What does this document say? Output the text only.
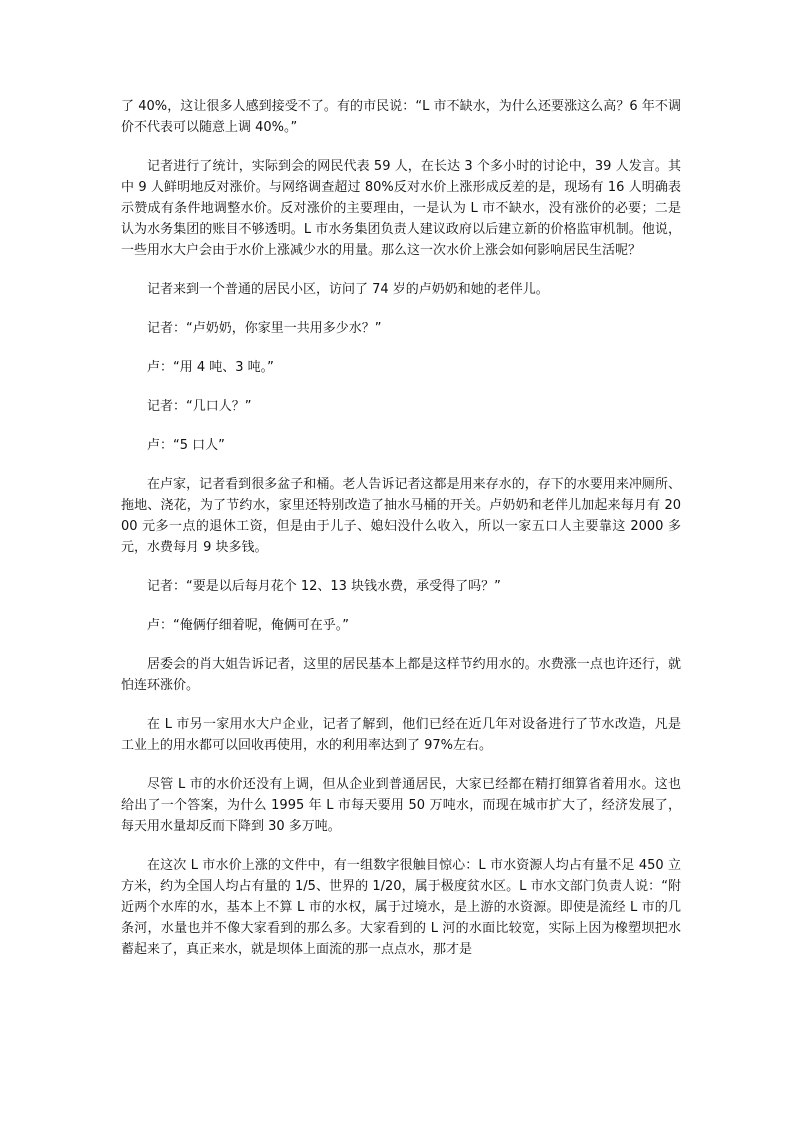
了 40%，这让很多人感到接受不了。有的市民说：“L 市不缺水，为什么还要涨这么高？6 年不调价不代表可以随意上调 40%。”

记者进行了统计，实际到会的网民代表 59 人，在长达 3 个多小时的讨论中，39 人发言。其中 9 人鲜明地反对涨价。与网络调查超过 80%反对水价上涨形成反差的是，现场有 16 人明确表示赞成有条件地调整水价。反对涨价的主要理由，一是认为 L 市不缺水，没有涨价的必要；二是认为水务集团的账目不够透明。L 市水务集团负责人建议政府以后建立新的价格监审机制。他说，一些用水大户会由于水价上涨减少水的用量。那么这一次水价上涨会如何影响居民生活呢？

记者来到一个普通的居民小区，访问了 74 岁的卢奶奶和她的老伴儿。

记者：“卢奶奶，你家里一共用多少水？”

卢：“用 4 吨、3 吨。”

记者：“几口人？”

卢：“5 口人”

在卢家，记者看到很多盆子和桶。老人告诉记者这都是用来存水的，存下的水要用来冲厕所、拖地、浇花，为了节约水，家里还特别改造了抽水马桶的开关。卢奶奶和老伴儿加起来每月有 2000 元多一点的退休工资，但是由于儿子、媳妇没什么收入，所以一家五口人主要靠这 2000 多元，水费每月 9 块多钱。

记者：“要是以后每月花个 12、13 块钱水费，承受得了吗？”

卢：“俺俩仔细着呢，俺俩可在乎。”

居委会的肖大姐告诉记者，这里的居民基本上都是这样节约用水的。水费涨一点也许还行，就怕连环涨价。

在 L 市另一家用水大户企业，记者了解到，他们已经在近几年对设备进行了节水改造，凡是工业上的用水都可以回收再使用，水的利用率达到了 97%左右。

尽管 L 市的水价还没有上调，但从企业到普通居民，大家已经都在精打细算省着用水。这也给出了一个答案，为什么 1995 年 L 市每天要用 50 万吨水，而现在城市扩大了，经济发展了，每天用水量却反而下降到 30 多万吨。

在这次 L 市水价上涨的文件中，有一组数字很触目惊心：L 市水资源人均占有量不足 450 立方米，约为全国人均占有量的 1/5、世界的 1/20，属于极度贫水区。L 市水文部门负责人说：“附近两个水库的水，基本上不算 L 市的水权，属于过境水，是上游的水资源。即使是流经 L 市的几条河，水量也并不像大家看到的那么多。大家看到的 L 河的水面比较宽，实际上因为橡塑坝把水蓄起来了，真正来水，就是坝体上面流的那一点点水，那才是
